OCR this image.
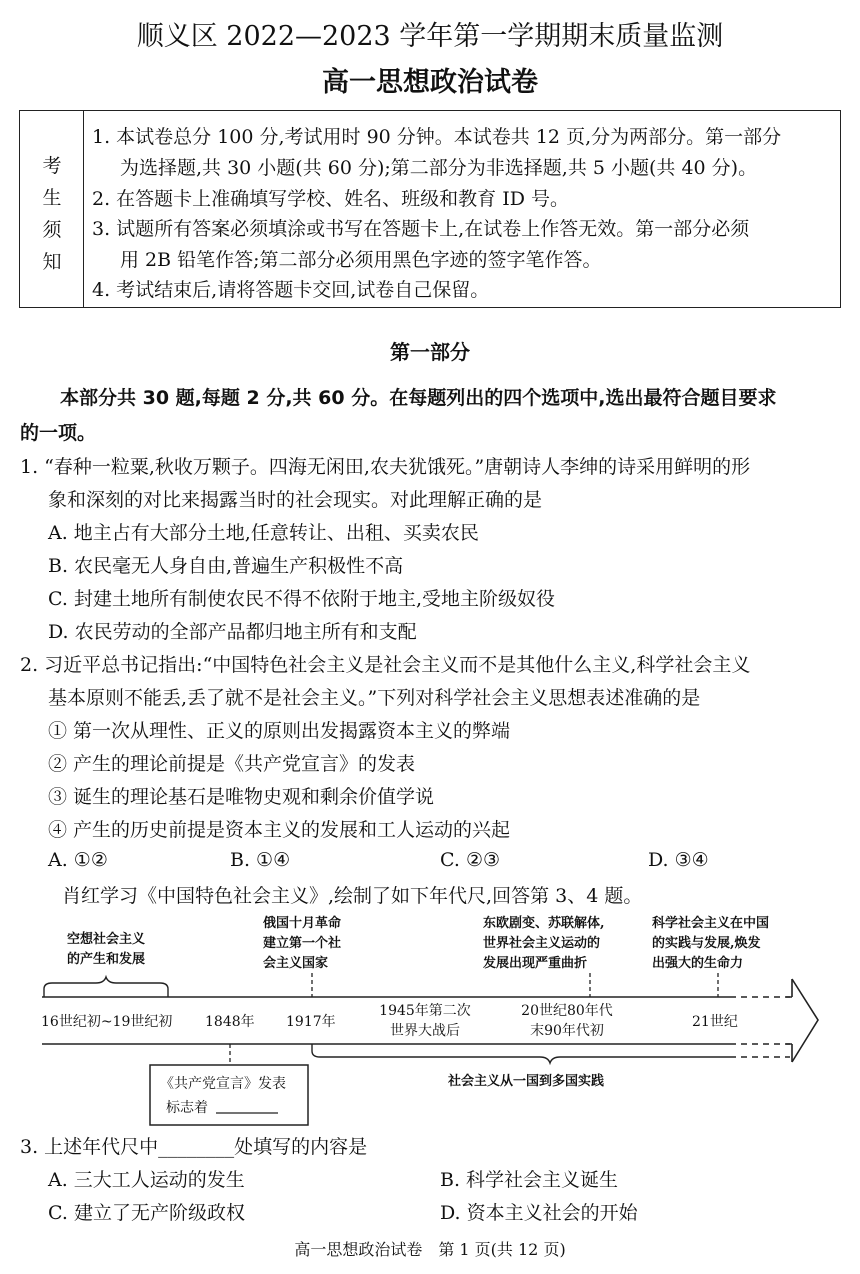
顺义区 2022—2023 学年第一学期期末质量监测
高一思想政治试卷
考
生
须
知
1. 本试卷总分 100 分,考试用时 90 分钟。本试卷共 12 页,分为两部分。第一部分
为选择题,共 30 小题(共 60 分);第二部分为非选择题,共 5 小题(共 40 分)。
2. 在答题卡上准确填写学校、姓名、班级和教育 ID 号。
3. 试题所有答案必须填涂或书写在答题卡上,在试卷上作答无效。第一部分必须
用 2B 铅笔作答;第二部分必须用黑色字迹的签字笔作答。
4. 考试结束后,请将答题卡交回,试卷自己保留。
第一部分
本部分共 30 题,每题 2 分,共 60 分。在每题列出的四个选项中,选出最符合题目要求
的一项。
1. “春种一粒粟,秋收万颗子。四海无闲田,农夫犹饿死。”唐朝诗人李绅的诗采用鲜明的形
象和深刻的对比来揭露当时的社会现实。对此理解正确的是
A. 地主占有大部分土地,任意转让、出租、买卖农民
B. 农民毫无人身自由,普遍生产积极性不高
C. 封建土地所有制使农民不得不依附于地主,受地主阶级奴役
D. 农民劳动的全部产品都归地主所有和支配
2. 习近平总书记指出:“中国特色社会主义是社会主义而不是其他什么主义,科学社会主义
基本原则不能丢,丢了就不是社会主义。”下列对科学社会主义思想表述准确的是
① 第一次从理性、正义的原则出发揭露资本主义的弊端
② 产生的理论前提是《共产党宣言》的发表
③ 诞生的理论基石是唯物史观和剩余价值学说
④ 产生的历史前提是资本主义的发展和工人运动的兴起
A. ①②	B. ①④	C. ②③	D. ③④
肖红学习《中国特色社会主义》,绘制了如下年代尺,回答第 3、4 题。
空想社会主义
的产生和发展
俄国十月革命
建立第一个社
会主义国家
东欧剧变、苏联解体,
世界社会主义运动的
发展出现严重曲折
科学社会主义在中国
的实践与发展,焕发
出强大的生命力
16世纪初~19世纪初 1848年 1917年
1945年第二次
世界大战后
20世纪80年代
末90年代初
21世纪
《共产党宣言》发表
标志着
社会主义从一国到多国实践
3. 上述年代尺中________处填写的内容是
A. 三大工人运动的发生	B. 科学社会主义诞生
C. 建立了无产阶级政权	D. 资本主义社会的开始
高一思想政治试卷　第 1 页(共 12 页)
